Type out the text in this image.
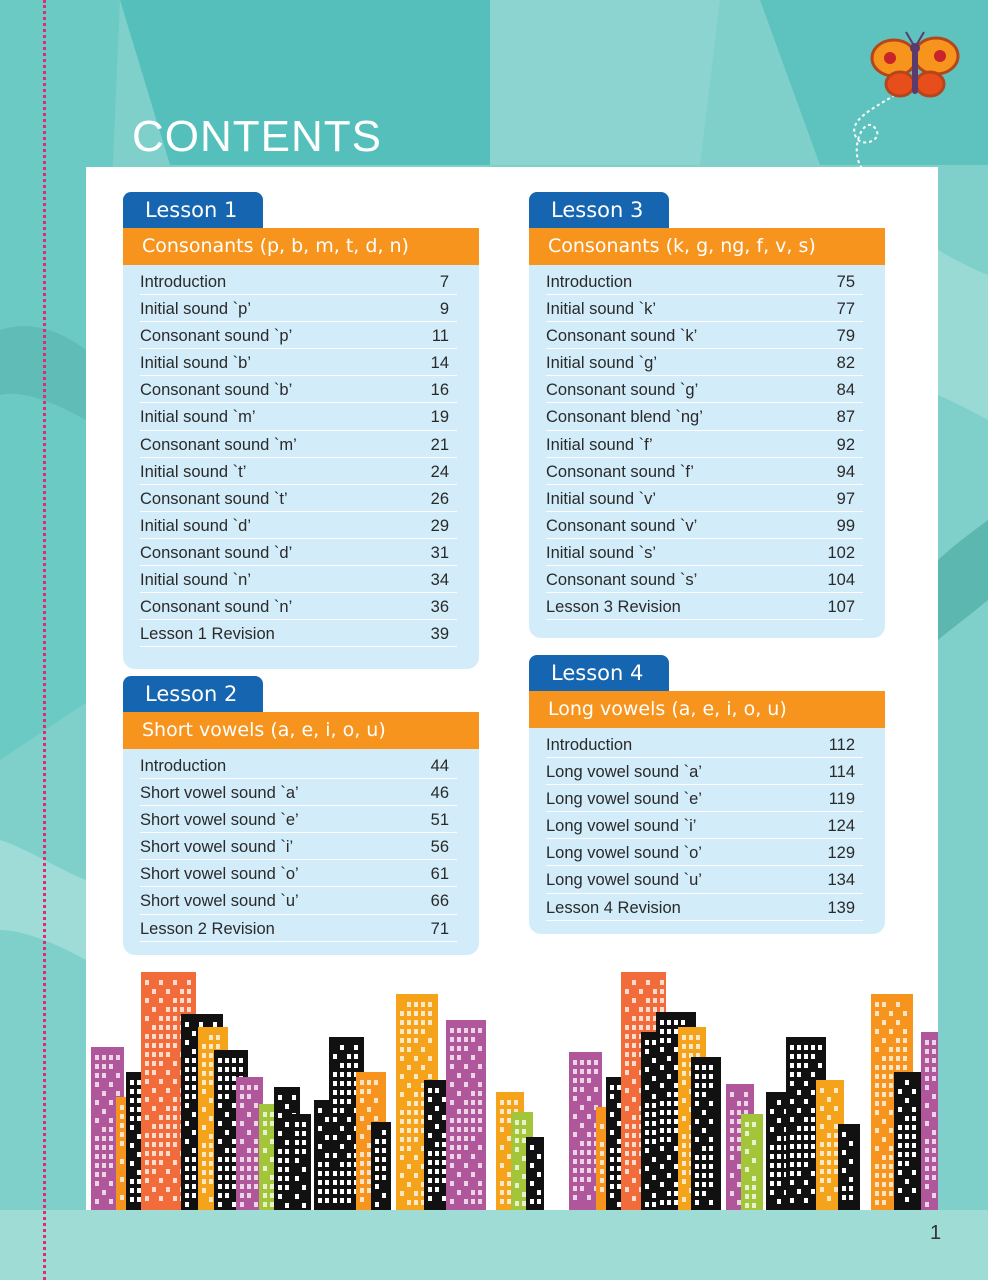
CONTENTS
Lesson 1
Consonants (p, b, m, t, d, n)
Introduction	7
Initial sound `p’	9
Consonant sound `p’	11
Initial sound `b’	14
Consonant sound `b’	16
Initial sound `m’	19
Consonant sound `m’	21
Initial sound `t’	24
Consonant sound `t’	26
Initial sound `d’	29
Consonant sound `d’	31
Initial sound `n’	34
Consonant sound `n’	36
Lesson 1 Revision	39
Lesson 2
Short vowels (a, e, i, o, u)
Introduction	44
Short vowel sound `a’	46
Short vowel sound `e’	51
Short vowel sound `i’	56
Short vowel sound `o’	61
Short vowel sound `u’	66
Lesson 2 Revision	71
Lesson 3
Consonants (k, g, ng, f, v, s)
Introduction	75
Initial sound `k’	77
Consonant sound `k’	79
Initial sound `g’	82
Consonant sound `g’	84
Consonant blend `ng’	87
Initial sound `f’	92
Consonant sound `f’	94
Initial sound `v’	97
Consonant sound `v’	99
Initial sound `s’	102
Consonant sound `s’	104
Lesson 3 Revision	107
Lesson 4
Long vowels (a, e, i, o, u)
Introduction	112
Long vowel sound `a’	114
Long vowel sound `e’	119
Long vowel sound `i’	124
Long vowel sound `o’	129
Long vowel sound `u’	134
Lesson 4 Revision	139
1
